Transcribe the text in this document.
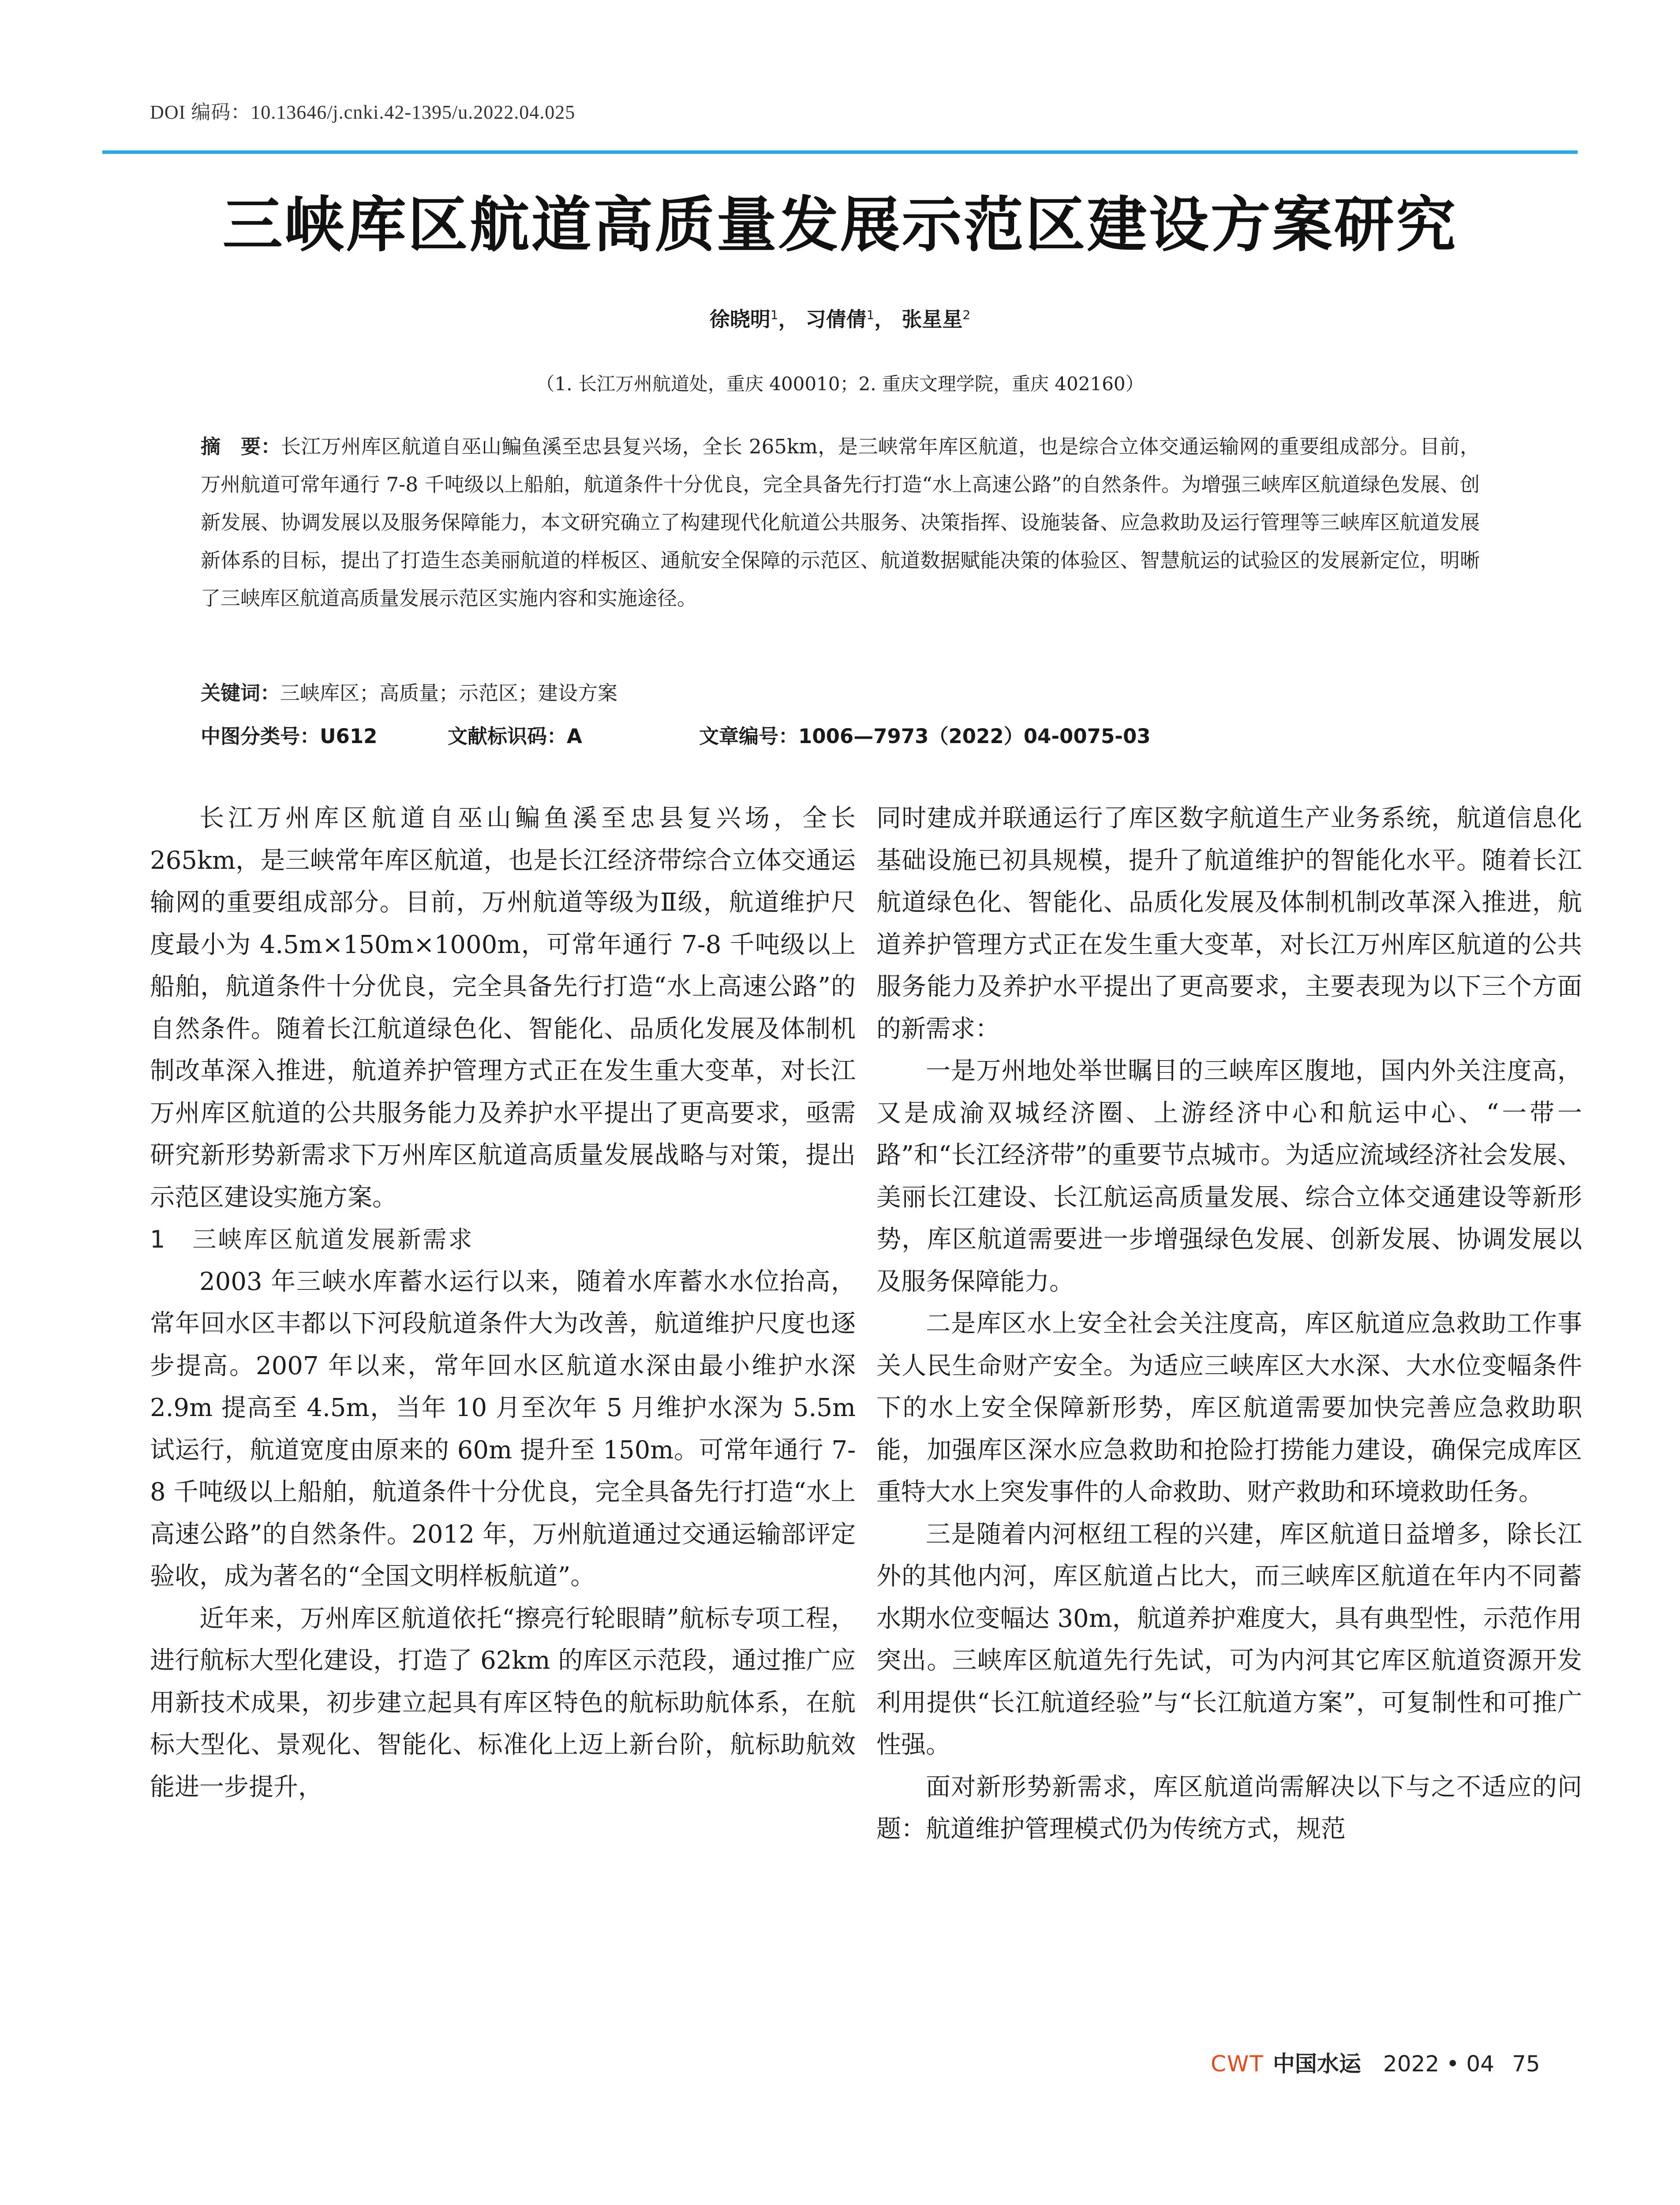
DOI 编码：10.13646/j.cnki.42-1395/u.2022.04.025
三峡库区航道高质量发展示范区建设方案研究
徐晓明$^1$， 习倩倩$^1$， 张星星$^2$
（1. 长江万州航道处，重庆 400010；2. 重庆文理学院，重庆 402160）
摘　要：长江万州库区航道自巫山鳊鱼溪至忠县复兴场，全长 265km，是三峡常年库区航道，也是综合立体交通运输网的重要组成部分。目前，万州航道可常年通行 7-8 千吨级以上船舶，航道条件十分优良，完全具备先行打造“水上高速公路”的自然条件。为增强三峡库区航道绿色发展、创新发展、协调发展以及服务保障能力，本文研究确立了构建现代化航道公共服务、决策指挥、设施装备、应急救助及运行管理等三峡库区航道发展新体系的目标，提出了打造生态美丽航道的样板区、通航安全保障的示范区、航道数据赋能决策的体验区、智慧航运的试验区的发展新定位，明晰了三峡库区航道高质量发展示范区实施内容和实施途径。
关键词：三峡库区；高质量；示范区；建设方案
中图分类号：U612	文献标识码：A	文章编号：1006—7973（2022）04-0075-03

长江万州库区航道自巫山鳊鱼溪至忠县复兴场，全长 265km，是三峡常年库区航道，也是长江经济带综合立体交通运输网的重要组成部分。目前，万州航道等级为Ⅱ级，航道维护尺度最小为 4.5m×150m×1000m，可常年通行 7-8 千吨级以上船舶，航道条件十分优良，完全具备先行打造“水上高速公路”的自然条件。随着长江航道绿色化、智能化、品质化发展及体制机制改革深入推进，航道养护管理方式正在发生重大变革，对长江万州库区航道的公共服务能力及养护水平提出了更高要求，亟需研究新形势新需求下万州库区航道高质量发展战略与对策，提出示范区建设实施方案。

1　三峡库区航道发展新需求

2003 年三峡水库蓄水运行以来，随着水库蓄水水位抬高，常年回水区丰都以下河段航道条件大为改善，航道维护尺度也逐步提高。2007 年以来，常年回水区航道水深由最小维护水深 2.9m 提高至 4.5m，当年 10 月至次年 5 月维护水深为 5.5m 试运行，航道宽度由原来的 60m 提升至 150m。可常年通行 7-8 千吨级以上船舶，航道条件十分优良，完全具备先行打造“水上高速公路”的自然条件。2012 年，万州航道通过交通运输部评定验收，成为著名的“全国文明样板航道”。

近年来，万州库区航道依托“擦亮行轮眼睛”航标专项工程，进行航标大型化建设，打造了 62km 的库区示范段，通过推广应用新技术成果，初步建立起具有库区特色的航标助航体系，在航标大型化、景观化、智能化、标准化上迈上新台阶，航标助航效能进一步提升，

同时建成并联通运行了库区数字航道生产业务系统，航道信息化基础设施已初具规模，提升了航道维护的智能化水平。随着长江航道绿色化、智能化、品质化发展及体制机制改革深入推进，航道养护管理方式正在发生重大变革，对长江万州库区航道的公共服务能力及养护水平提出了更高要求，主要表现为以下三个方面的新需求：

一是万州地处举世瞩目的三峡库区腹地，国内外关注度高，又是成渝双城经济圈、上游经济中心和航运中心、“一带一路”和“长江经济带”的重要节点城市。为适应流域经济社会发展、美丽长江建设、长江航运高质量发展、综合立体交通建设等新形势，库区航道需要进一步增强绿色发展、创新发展、协调发展以及服务保障能力。

二是库区水上安全社会关注度高，库区航道应急救助工作事关人民生命财产安全。为适应三峡库区大水深、大水位变幅条件下的水上安全保障新形势，库区航道需要加快完善应急救助职能，加强库区深水应急救助和抢险打捞能力建设，确保完成库区重特大水上突发事件的人命救助、财产救助和环境救助任务。

三是随着内河枢纽工程的兴建，库区航道日益增多，除长江外的其他内河，库区航道占比大，而三峡库区航道在年内不同蓄水期水位变幅达 30m，航道养护难度大，具有典型性，示范作用突出。三峡库区航道先行先试，可为内河其它库区航道资源开发利用提供“长江航道经验”与“长江航道方案”，可复制性和可推广性强。

面对新形势新需求，库区航道尚需解决以下与之不适应的问题：航道维护管理模式仍为传统方式，规范

CWT 中国水运 2022 • 04 75
